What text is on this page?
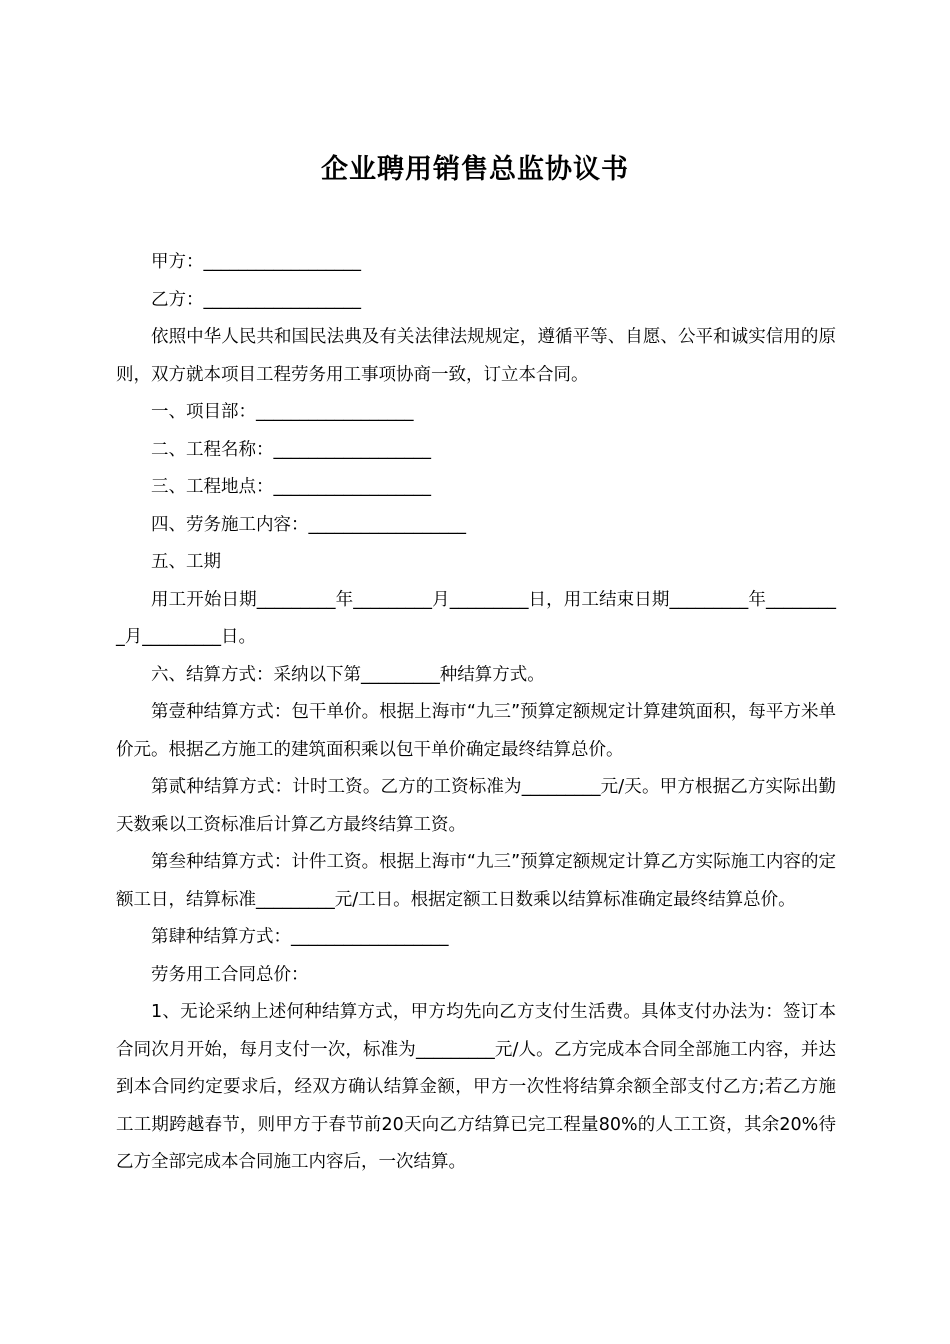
企业聘用销售总监协议书

甲方：__________________

乙方：__________________

依照中华人民共和国民法典及有关法律法规规定，遵循平等、自愿、公平和诚实信用的原则，双方就本项目工程劳务用工事项协商一致，订立本合同。

一、项目部：__________________

二、工程名称：__________________

三、工程地点：__________________

四、劳务施工内容：__________________

五、工期

用工开始日期_________年_________月_________日，用工结束日期_________年_________月_________日。

六、结算方式：采纳以下第_________种结算方式。

第壹种结算方式：包干单价。根据上海市“九三”预算定额规定计算建筑面积，每平方米单价元。根据乙方施工的建筑面积乘以包干单价确定最终结算总价。

第贰种结算方式：计时工资。乙方的工资标准为_________元/天。甲方根据乙方实际出勤天数乘以工资标准后计算乙方最终结算工资。

第叁种结算方式：计件工资。根据上海市“九三”预算定额规定计算乙方实际施工内容的定额工日，结算标准_________元/工日。根据定额工日数乘以结算标准确定最终结算总价。

第肆种结算方式：__________________

劳务用工合同总价：

1、无论采纳上述何种结算方式，甲方均先向乙方支付生活费。具体支付办法为：签订本合同次月开始，每月支付一次，标准为_________元/人。乙方完成本合同全部施工内容，并达到本合同约定要求后，经双方确认结算金额，甲方一次性将结算余额全部支付乙方;若乙方施工工期跨越春节，则甲方于春节前20天向乙方结算已完工程量80%的人工工资，其余20%待乙方全部完成本合同施工内容后，一次结算。
